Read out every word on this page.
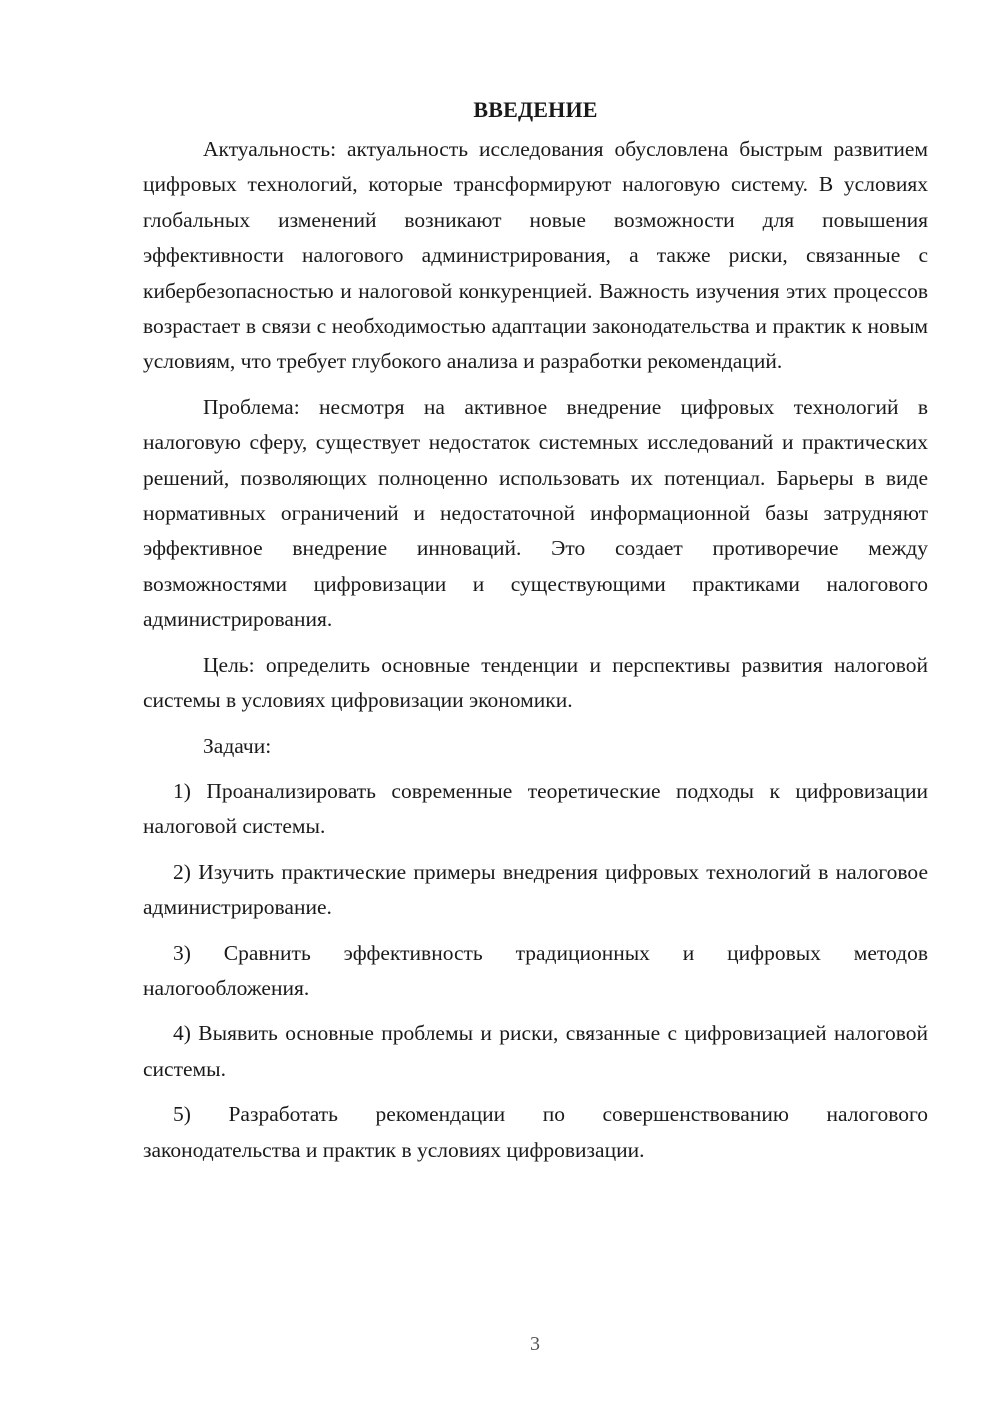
ВВЕДЕНИЕ

Актуальность: актуальность исследования обусловлена быстрым развитием цифровых технологий, которые трансформируют налоговую систему. В условиях глобальных изменений возникают новые возможности для повышения эффективности налогового администрирования, а также риски, связанные с кибербезопасностью и налоговой конкуренцией. Важность изучения этих процессов возрастает в связи с необходимостью адаптации законодательства и практик к новым условиям, что требует глубокого анализа и разработки рекомендаций.

Проблема: несмотря на активное внедрение цифровых технологий в налоговую сферу, существует недостаток системных исследований и практических решений, позволяющих полноценно использовать их потенциал. Барьеры в виде нормативных ограничений и недостаточной информационной базы затрудняют эффективное внедрение инноваций. Это создает противоречие между возможностями цифровизации и существующими практиками налогового администрирования.

Цель: определить основные тенденции и перспективы развития налоговой системы в условиях цифровизации экономики.

Задачи:

1) Проанализировать современные теоретические подходы к цифровизации налоговой системы.

2) Изучить практические примеры внедрения цифровых технологий в налоговое администрирование.

3) Сравнить эффективность традиционных и цифровых методов налогообложения.

4) Выявить основные проблемы и риски, связанные с цифровизацией налоговой системы.

5) Разработать рекомендации по совершенствованию налогового законодательства и практик в условиях цифровизации.

3
